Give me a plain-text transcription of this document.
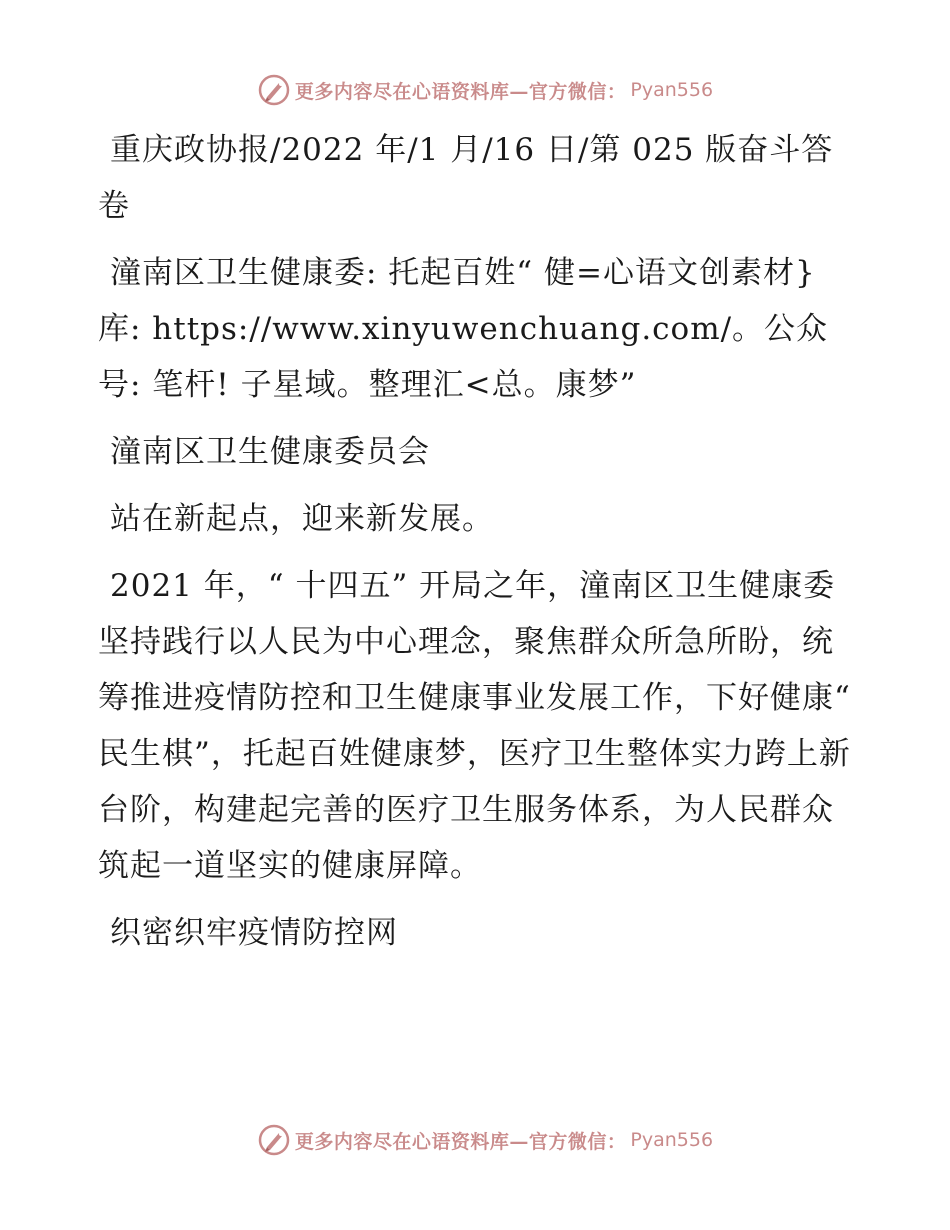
更多内容尽在心语资料库—官方微信： Pyan556

重庆政协报/2022 年/1 月/16 日/第 025 版奋斗答卷

潼南区卫生健康委: 托起百姓“ 健=心语文创素材}库: https://www.xinyuwenchuang.com/。公众号: 笔杆! 子星域。整理汇<总。康梦”

潼南区卫生健康委员会

站在新起点，迎来新发展。

2021 年，“ 十四五” 开局之年，潼南区卫生健康委坚持践行以人民为中心理念，聚焦群众所急所盼，统筹推进疫情防控和卫生健康事业发展工作，下好健康“ 民生棋”，托起百姓健康梦，医疗卫生整体实力跨上新台阶，构建起完善的医疗卫生服务体系，为人民群众筑起一道坚实的健康屏障。

织密织牢疫情防控网

更多内容尽在心语资料库—官方微信： Pyan556
